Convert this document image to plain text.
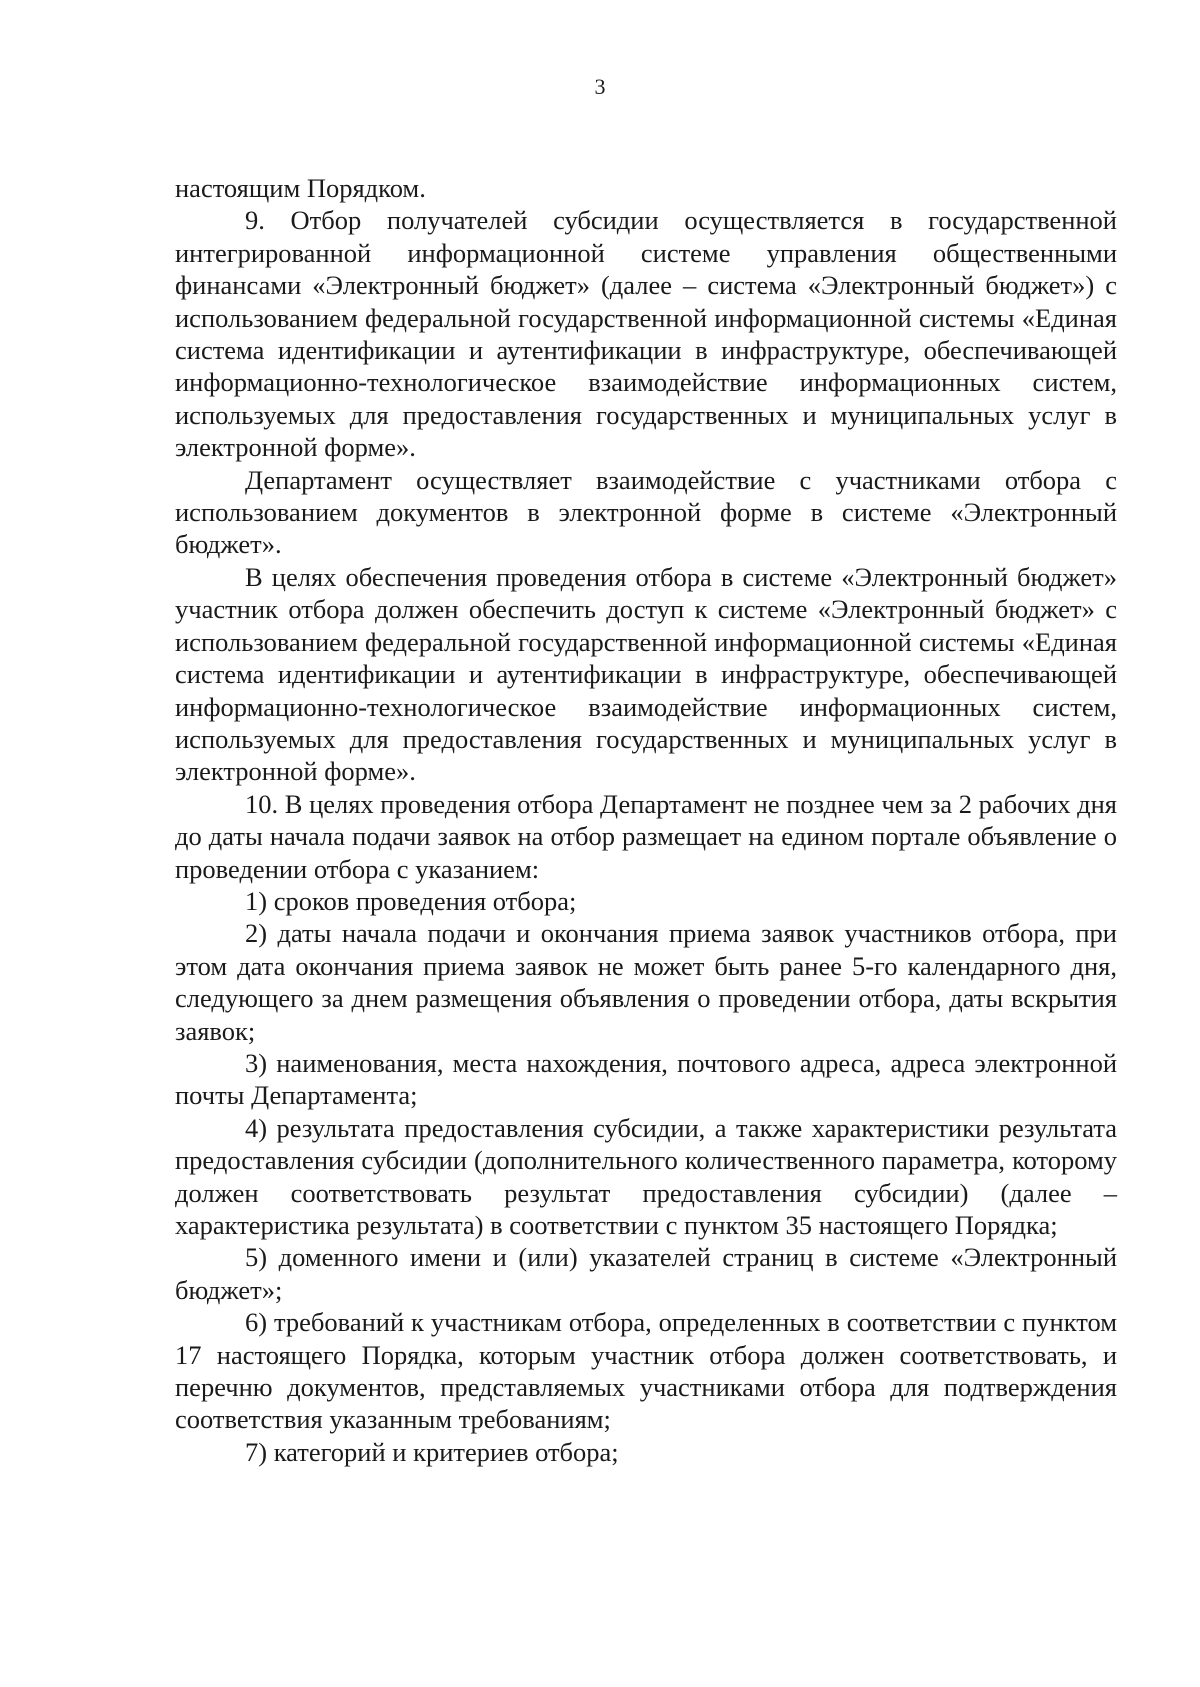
3

настоящим Порядком.

9. Отбор получателей субсидии осуществляется в государственной интегрированной информационной системе управления общественными финансами «Электронный бюджет» (далее – система «Электронный бюджет») с использованием федеральной государственной информационной системы «Единая система идентификации и аутентификации в инфраструктуре, обеспечивающей информационно-технологическое взаимодействие информационных систем, используемых для предоставления государственных и муниципальных услуг в электронной форме».

Департамент осуществляет взаимодействие с участниками отбора с использованием документов в электронной форме в системе «Электронный бюджет».

В целях обеспечения проведения отбора в системе «Электронный бюджет» участник отбора должен обеспечить доступ к системе «Электронный бюджет» с использованием федеральной государственной информационной системы «Единая система идентификации и аутентификации в инфраструктуре, обеспечивающей информационно-технологическое взаимодействие информационных систем, используемых для предоставления государственных и муниципальных услуг в электронной форме».

10. В целях проведения отбора Департамент не позднее чем за 2 рабочих дня до даты начала подачи заявок на отбор размещает на едином портале объявление о проведении отбора с указанием:

1) сроков проведения отбора;

2) даты начала подачи и окончания приема заявок участников отбора, при этом дата окончания приема заявок не может быть ранее 5-го календарного дня, следующего за днем размещения объявления о проведении отбора, даты вскрытия заявок;

3) наименования, места нахождения, почтового адреса, адреса электронной почты Департамента;

4) результата предоставления субсидии, а также характеристики результата предоставления субсидии (дополнительного количественного параметра, которому должен соответствовать результат предоставления субсидии) (далее – характеристика результата) в соответствии с пунктом 35 настоящего Порядка;

5) доменного имени и (или) указателей страниц в системе «Электронный бюджет»;

6) требований к участникам отбора, определенных в соответствии с пунктом 17 настоящего Порядка, которым участник отбора должен соответствовать, и перечню документов, представляемых участниками отбора для подтверждения соответствия указанным требованиям;

7) категорий и критериев отбора;
